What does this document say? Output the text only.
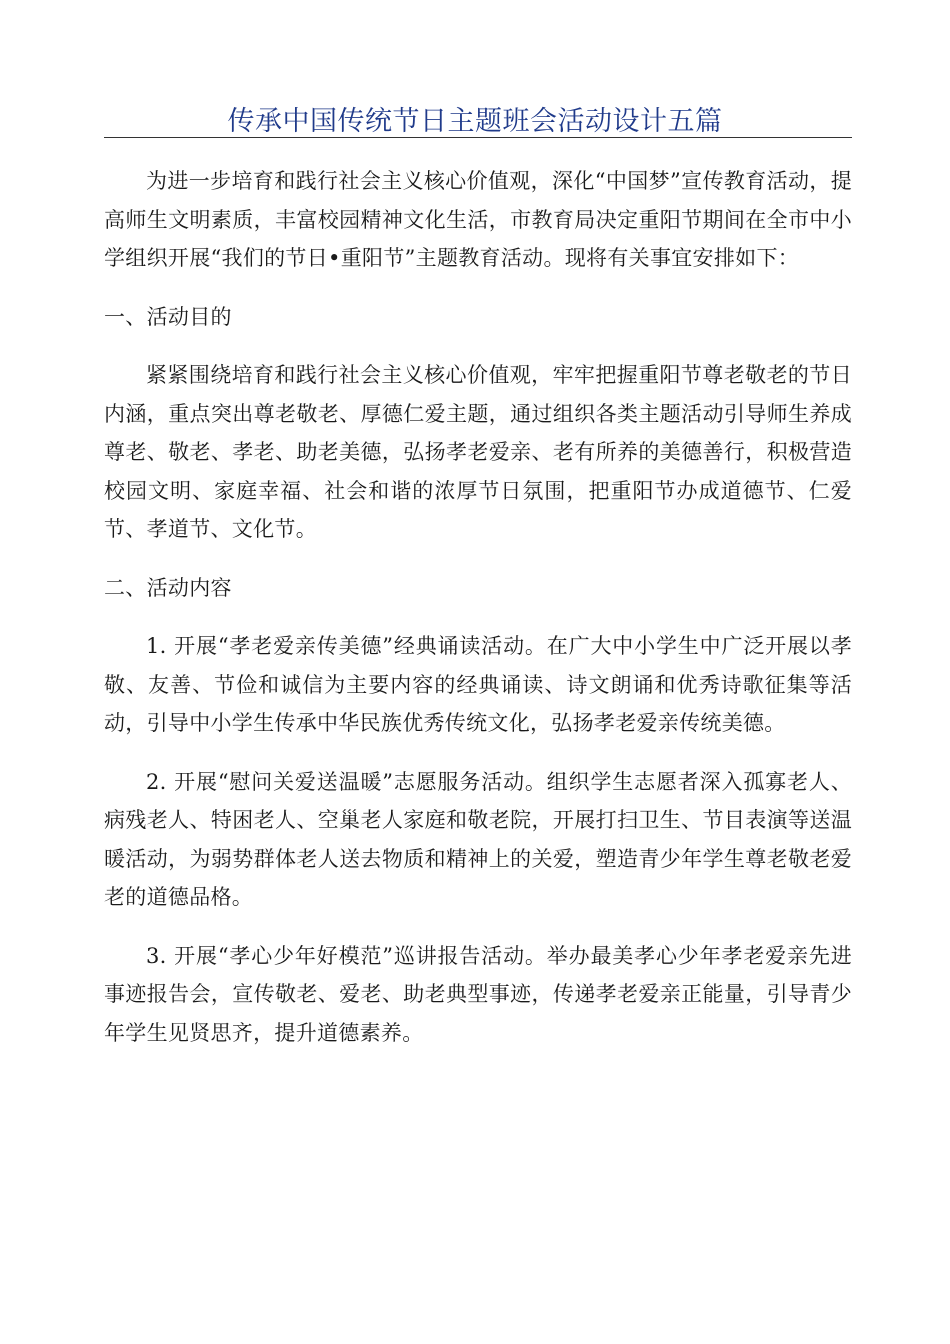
传承中国传统节日主题班会活动设计五篇

为进一步培育和践行社会主义核心价值观，深化“中国梦”宣传教育活动，提高师生文明素质，丰富校园精神文化生活，市教育局决定重阳节期间在全市中小学组织开展“我们的节日•重阳节”主题教育活动。现将有关事宜安排如下：

一、活动目的

紧紧围绕培育和践行社会主义核心价值观，牢牢把握重阳节尊老敬老的节日内涵，重点突出尊老敬老、厚德仁爱主题，通过组织各类主题活动引导师生养成尊老、敬老、孝老、助老美德，弘扬孝老爱亲、老有所养的美德善行，积极营造校园文明、家庭幸福、社会和谐的浓厚节日氛围，把重阳节办成道德节、仁爱节、孝道节、文化节。

二、活动内容

1. 开展“孝老爱亲传美德”经典诵读活动。在广大中小学生中广泛开展以孝敬、友善、节俭和诚信为主要内容的经典诵读、诗文朗诵和优秀诗歌征集等活动，引导中小学生传承中华民族优秀传统文化，弘扬孝老爱亲传统美德。

2. 开展“慰问关爱送温暖”志愿服务活动。组织学生志愿者深入孤寡老人、病残老人、特困老人、空巢老人家庭和敬老院，开展打扫卫生、节目表演等送温暖活动，为弱势群体老人送去物质和精神上的关爱，塑造青少年学生尊老敬老爱老的道德品格。

3. 开展“孝心少年好模范”巡讲报告活动。举办最美孝心少年孝老爱亲先进事迹报告会，宣传敬老、爱老、助老典型事迹，传递孝老爱亲正能量，引导青少年学生见贤思齐，提升道德素养。
